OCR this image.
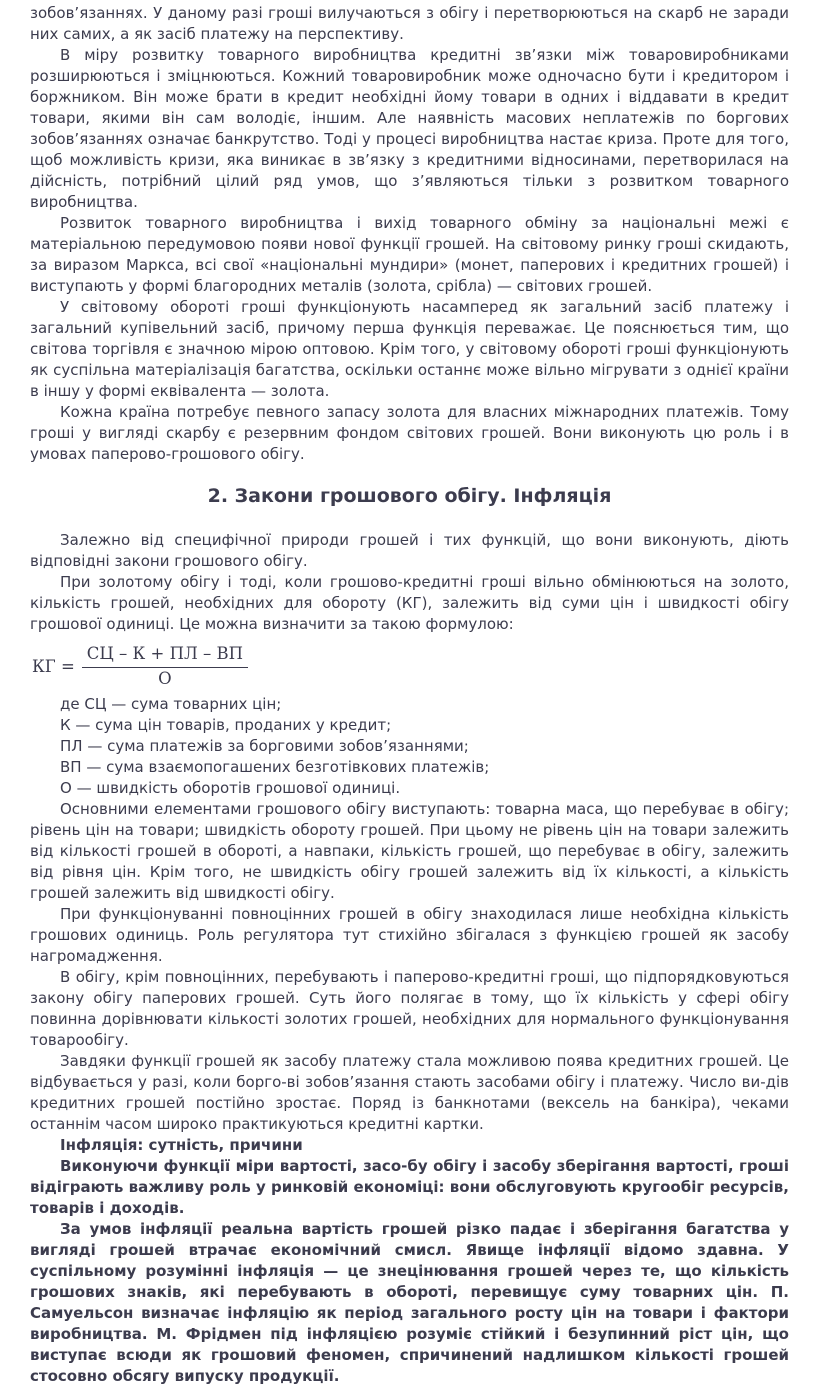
зобов’язаннях. У даному разі гроші вилучаються з обігу і перетворюються на скарб не заради них самих, а як засіб платежу на перспективу.

В міру розвитку товарного виробництва кредитні зв’язки між товаровиробниками розширюються і зміцнюються. Кожний товаровиробник може одночасно бути і кредитором і боржником. Він може брати в кредит необхідні йому товари в одних і віддавати в кредит товари, якими він сам володіє, іншим. Але наявність масових неплатежів по боргових зобов’язаннях означає банкрутство. Тоді у процесі виробництва настає криза. Проте для того, щоб можливість кризи, яка виникає в зв’язку з кредитними відносинами, перетворилася на дійсність, потрібний цілий ряд умов, що з’являються тільки з розвитком товарного виробництва.

Розвиток товарного виробництва і вихід товарного обміну за національні межі є матеріальною передумовою появи нової функції грошей. На світовому ринку гроші скидають, за виразом Маркса, всі свої «національні мундири» (монет, паперових і кредитних грошей) і виступають у формі благородних металів (золота, срібла) — світових грошей.

У світовому обороті гроші функціонують насамперед як загальний засіб платежу і загальний купівельний засіб, причому перша функція переважає. Це пояснюється тим, що світова торгівля є значною мірою оптовою. Крім того, у світовому обороті гроші функціонують як суспільна матеріалізація багатства, оскільки останнє може вільно мігрувати з однієї країни в іншу у формі еквівалента — золота.

Кожна країна потребує певного запасу золота для власних міжнародних платежів. Тому гроші у вигляді скарбу є резервним фондом світових грошей. Вони виконують цю роль і в умовах паперово-грошового обігу.

2. Закони грошового обігу. Інфляція

Залежно від специфічної природи грошей і тих функцій, що вони виконують, діють відповідні закони грошового обігу.

При золотому обігу і тоді, коли грошово-кредитні гроші вільно обмінюються на золото, кількість грошей, необхідних для обороту (КГ), залежить від суми цін і швидкості обігу грошової одиниці. Це можна визначити за такою формулою:

КГ = $\frac{СЦ - К + ПЛ - ВП}{О}$

де СЦ — сума товарних цін;

К — сума цін товарів, проданих у кредит;

ПЛ — сума платежів за борговими зобов’язаннями;

ВП — сума взаємопогашених безготівкових платежів;

О — швидкість оборотів грошової одиниці.

Основними елементами грошового обігу виступають: товарна маса, що перебуває в обігу; рівень цін на товари; швидкість обороту грошей. При цьому не рівень цін на товари залежить від кількості грошей в обороті, а навпаки, кількість грошей, що перебуває в обігу, залежить від рівня цін. Крім того, не швидкість обігу грошей залежить від їх кількості, а кількість грошей залежить від швидкості обігу.

При функціонуванні повноцінних грошей в обігу знаходилася лише необхідна кількість грошових одиниць. Роль регулятора тут стихійно збігалася з функцією грошей як засобу нагромадження.

В обігу, крім повноцінних, перебувають і паперово-кредитні гроші, що підпорядковуються закону обігу паперових грошей. Суть його полягає в тому, що їх кількість у сфері обігу повинна дорівнювати кількості золотих грошей, необхідних для нормального функціонування товарообігу.

Завдяки функції грошей як засобу платежу стала можливою поява кредитних грошей. Це відбувається у разі, коли борго-ві зобов’язання стають засобами обігу і платежу. Число ви-дів кредитних грошей постійно зростає. Поряд із банкнотами (вексель на банкіра), чеками останнім часом широко практикуються кредитні картки.

Інфляція: сутність, причини

Виконуючи функції міри вартості, засо-бу обігу і засобу зберігання вартості, гроші відіграють важливу роль у ринковій економіці: вони обслуговують кругообіг ресурсів, товарів і доходів.

За умов інфляції реальна вартість грошей різко падає і зберігання багатства у вигляді грошей втрачає економічний смисл. Явище інфляції відомо здавна. У суспільному розумінні інфляція — це знецінювання грошей через те, що кількість грошових знаків, які перебувають в обороті, перевищує суму товарних цін. П. Самуельсон визначає інфляцію як період загального росту цін на товари і фактори виробництва. М. Фрідмен під інфляцією розуміє стійкий і безупинний ріст цін, що виступає всюди як грошовий феномен, спричинений надлишком кількості грошей стосовно обсягу випуску продукції.
